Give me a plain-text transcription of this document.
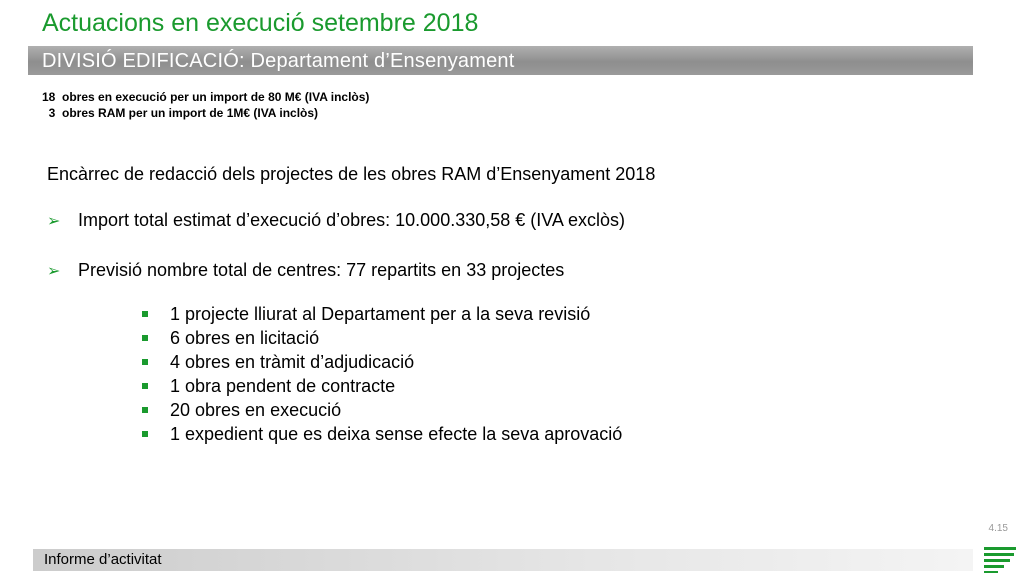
Actuacions en execució setembre 2018
DIVISIÓ EDIFICACIÓ: Departament d’Ensenyament
18  obres en execució per un import de 80 M€ (IVA inclòs)
3  obres RAM per un import de 1M€ (IVA inclòs)
Encàrrec de redacció dels projectes de les obres RAM d’Ensenyament 2018
➢ Import total estimat d’execució d’obres: 10.000.330,58 € (IVA exclòs)
➢ Previsió nombre total de centres: 77 repartits en 33 projectes
1 projecte lliurat al Departament per a la seva revisió
6 obres en licitació
4 obres en tràmit d’adjudicació
1 obra pendent de contracte
20 obres en execució
1 expedient que es deixa sense efecte la seva aprovació
4.15
Informe d’activitat
